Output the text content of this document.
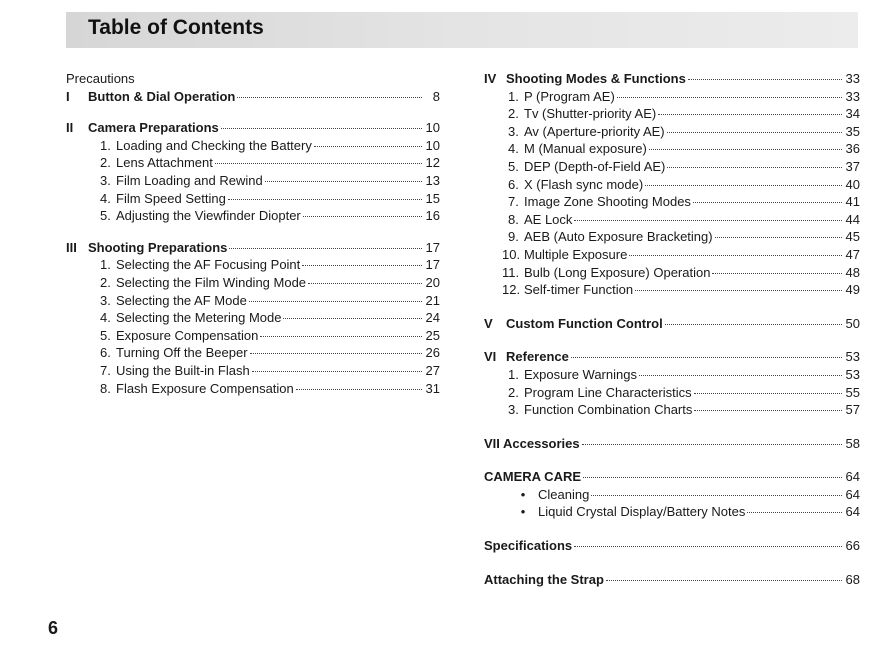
Table of Contents
Precautions
I	Button & Dial Operation	8
II	Camera Preparations	10
1. Loading and Checking the Battery	10
2. Lens Attachment	12
3. Film Loading and Rewind	13
4. Film Speed Setting	15
5. Adjusting the Viewfinder Diopter	16
III Shooting Preparations	17
1. Selecting the AF Focusing Point	17
2. Selecting the Film Winding Mode	20
3. Selecting the AF Mode	21
4. Selecting the Metering Mode	24
5. Exposure Compensation	25
6. Turning Off the Beeper	26
7. Using the Built-in Flash	27
8. Flash Exposure Compensation	31
IV Shooting Modes & Functions	33
1. P (Program AE)	33
2. Tv (Shutter-priority AE)	34
3. Av (Aperture-priority AE)	35
4. M (Manual exposure)	36
5. DEP (Depth-of-Field AE)	37
6. X (Flash sync mode)	40
7. Image Zone Shooting Modes	41
8. AE Lock	44
9. AEB (Auto Exposure Bracketing)	45
10. Multiple Exposure	47
11. Bulb (Long Exposure) Operation	48
12. Self-timer Function	49
V	Custom Function Control	50
VI Reference	53
1. Exposure Warnings	53
2. Program Line Characteristics	55
3. Function Combination Charts	57
VII Accessories	58
CAMERA CARE	64
• Cleaning	64
• Liquid Crystal Display/Battery Notes	64
Specifications	66
Attaching the Strap	68
6
